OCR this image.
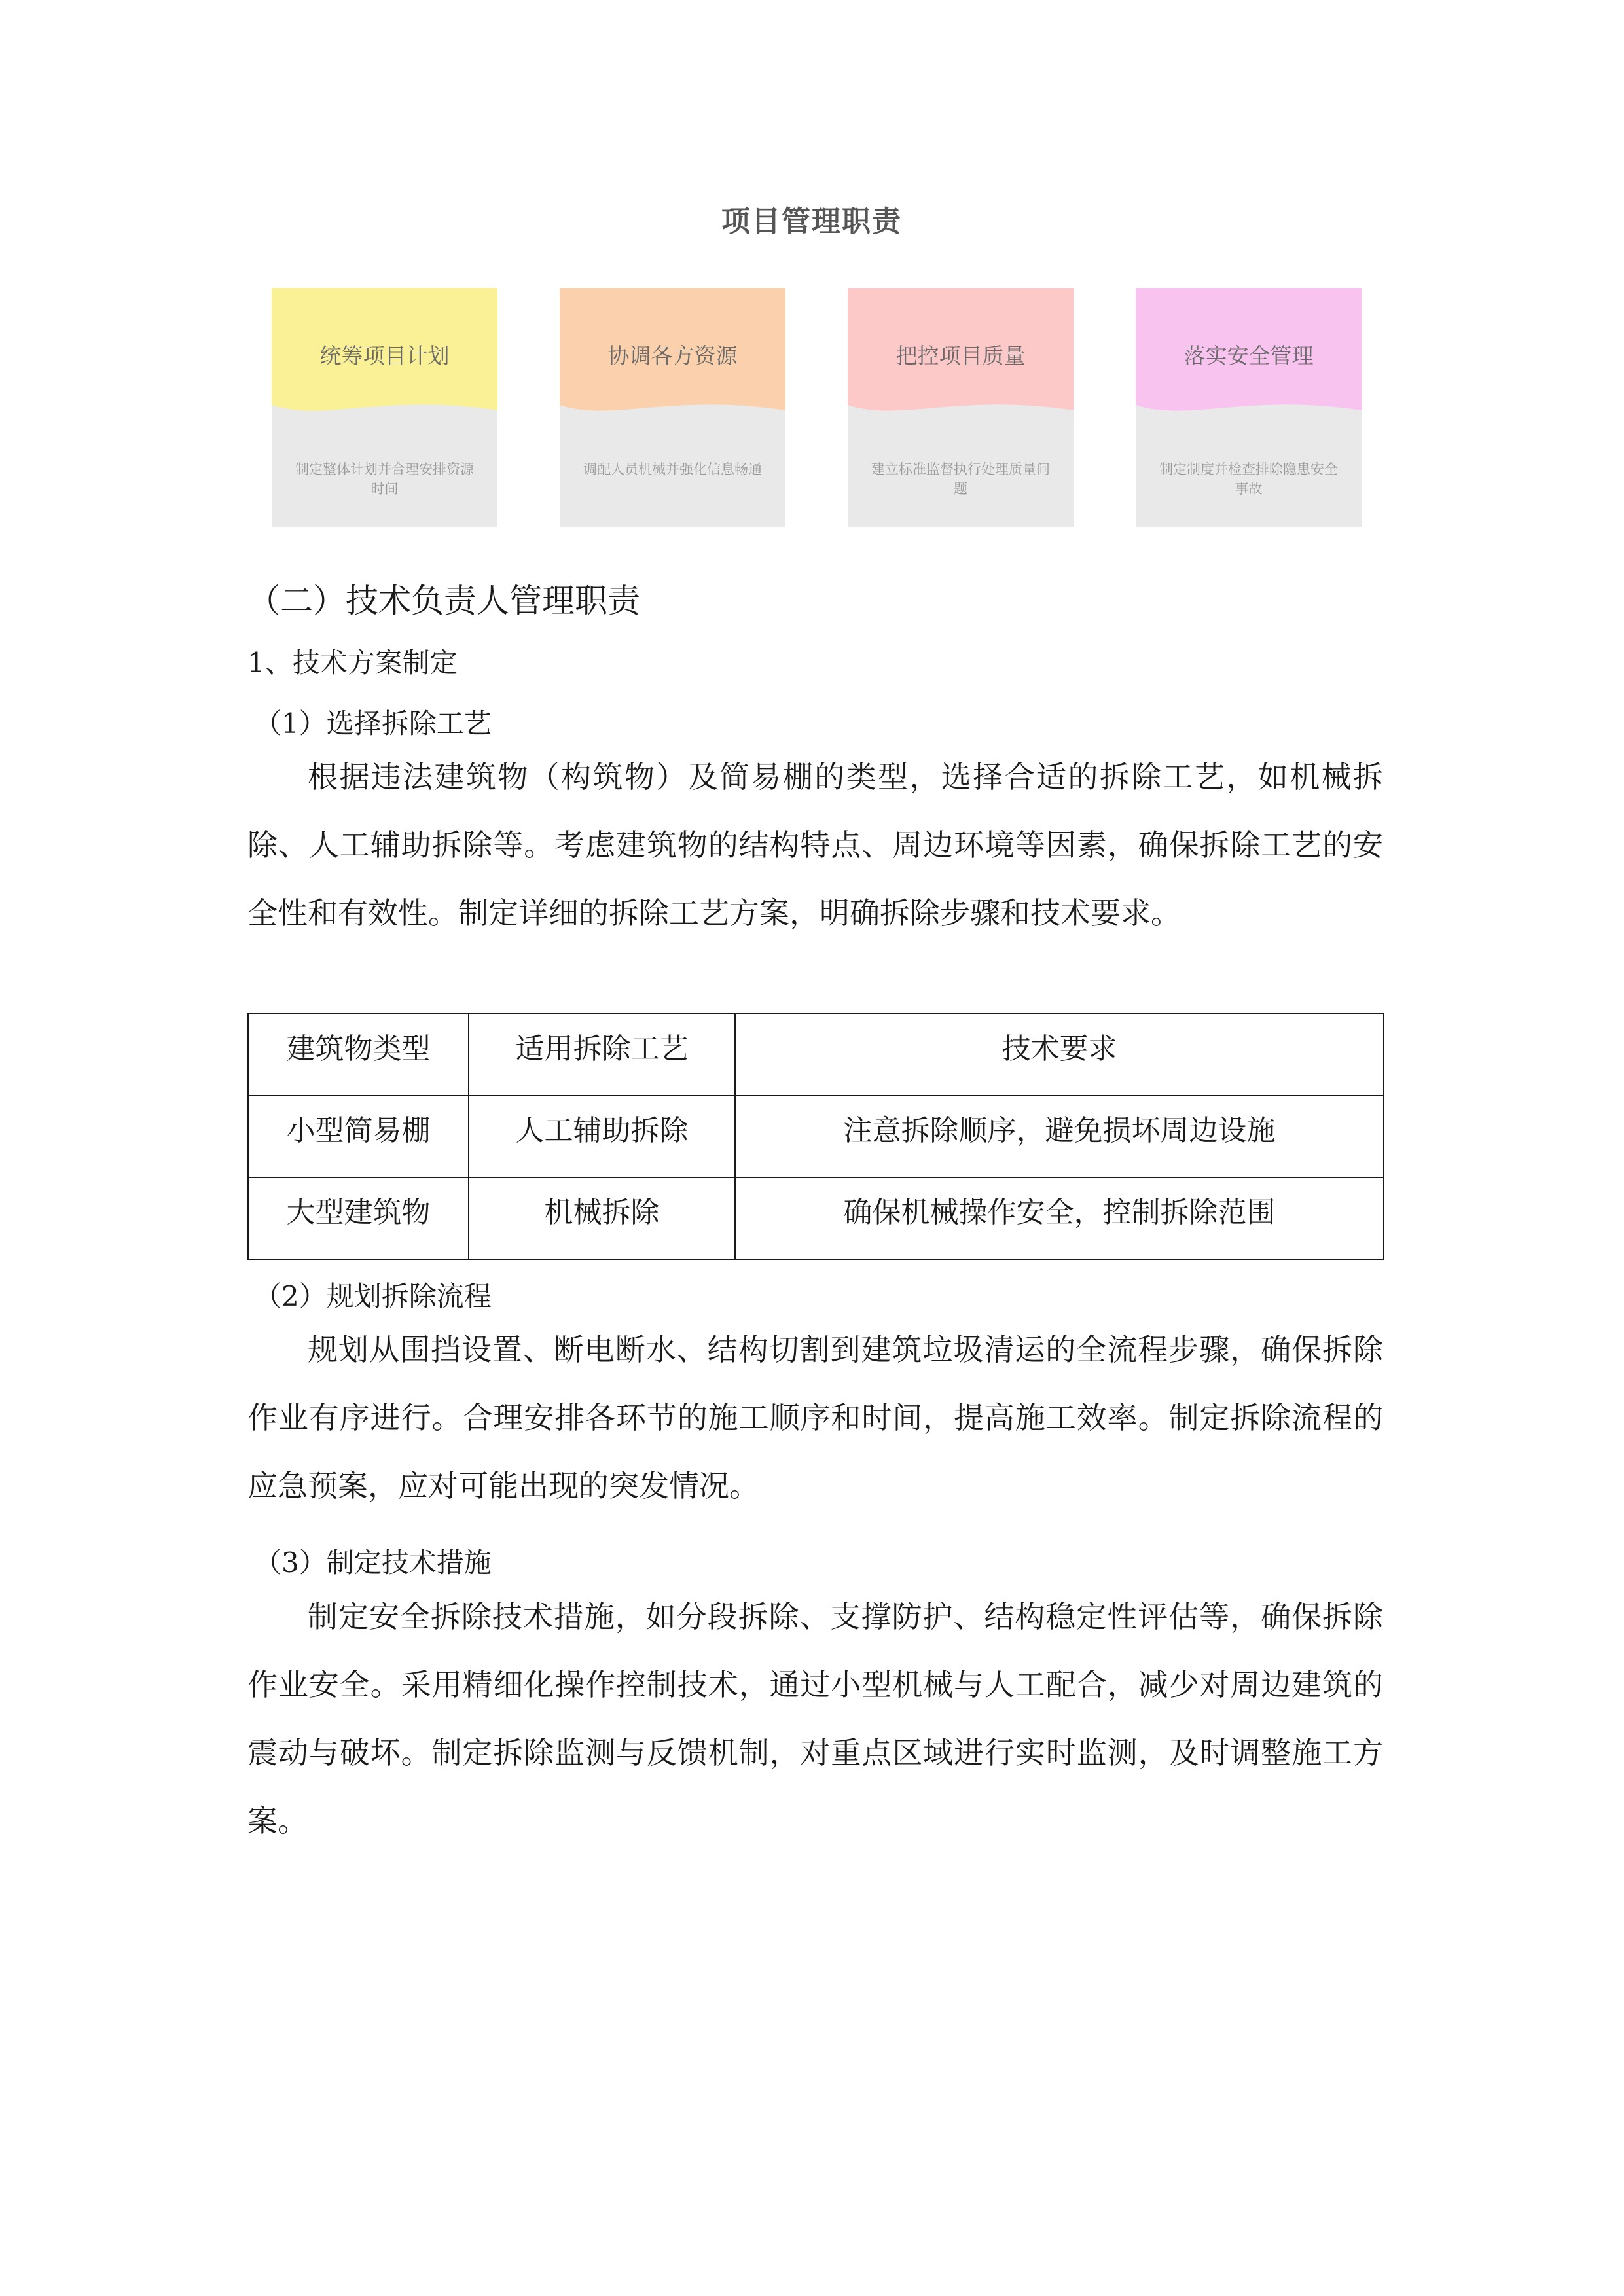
项目管理职责
统筹项目计划
制定整体计划并合理安排资源时间
协调各方资源
调配人员机械并强化信息畅通
把控项目质量
建立标准监督执行处理质量问题
落实安全管理
制定制度并检查排除隐患安全事故
（二）技术负责人管理职责
1、技术方案制定
（1）选择拆除工艺

根据违法建筑物（构筑物）及简易棚的类型，选择合适的拆除工艺，如机械拆除、人工辅助拆除等。考虑建筑物的结构特点、周边环境等因素，确保拆除工艺的安全性和有效性。制定详细的拆除工艺方案，明确拆除步骤和技术要求。

建筑物类型	适用拆除工艺	技术要求
小型简易棚	人工辅助拆除	注意拆除顺序，避免损坏周边设施
大型建筑物	机械拆除	确保机械操作安全，控制拆除范围
（2）规划拆除流程

规划从围挡设置、断电断水、结构切割到建筑垃圾清运的全流程步骤，确保拆除作业有序进行。合理安排各环节的施工顺序和时间，提高施工效率。制定拆除流程的应急预案，应对可能出现的突发情况。

（3）制定技术措施

制定安全拆除技术措施，如分段拆除、支撑防护、结构稳定性评估等，确保拆除作业安全。采用精细化操作控制技术，通过小型机械与人工配合，减少对周边建筑的震动与破坏。制定拆除监测与反馈机制，对重点区域进行实时监测，及时调整施工方案。
